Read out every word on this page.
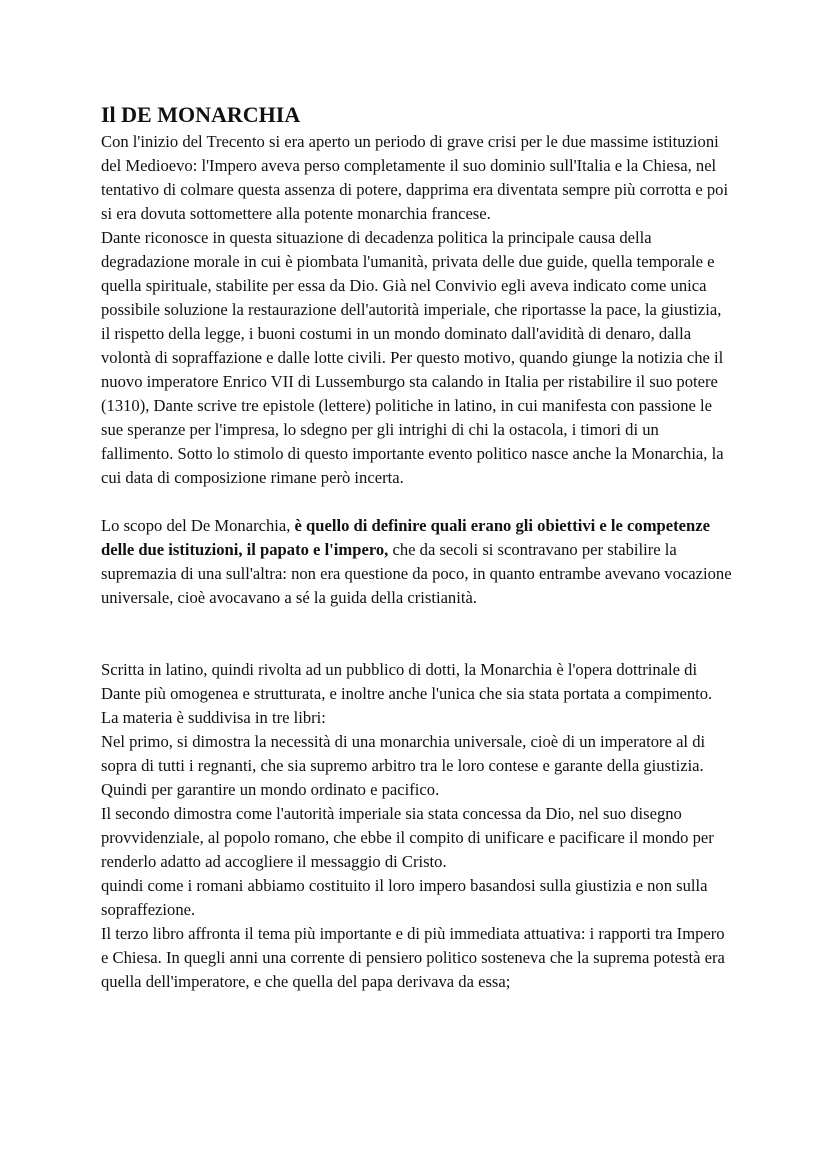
Il DE MONARCHIA

Con l'inizio del Trecento si era aperto un periodo di grave crisi per le due massime istituzioni del Medioevo: l'Impero aveva perso completamente il suo dominio sull'Italia e la Chiesa, nel tentativo di colmare questa assenza di potere, dapprima era diventata sempre più corrotta e poi si era dovuta sottomettere alla potente monarchia francese.

Dante riconosce in questa situazione di decadenza politica la principale causa della degradazione morale in cui è piombata l'umanità, privata delle due guide, quella temporale e quella spirituale, stabilite per essa da Dio. Già nel Convivio egli aveva indicato come unica possibile soluzione la restaurazione dell'autorità imperiale, che riportasse la pace, la giustizia, il rispetto della legge, i buoni costumi in un mondo dominato dall'avidità di denaro, dalla volontà di sopraffazione e dalle lotte civili. Per questo motivo, quando giunge la notizia che il nuovo imperatore Enrico VII di Lussemburgo sta calando in Italia per ristabilire il suo potere (1310), Dante scrive tre epistole (lettere) politiche in latino, in cui manifesta con passione le sue speranze per l'impresa, lo sdegno per gli intrighi di chi la ostacola, i timori di un fallimento. Sotto lo stimolo di questo importante evento politico nasce anche la Monarchia, la cui data di composizione rimane però incerta.

Lo scopo del De Monarchia, è quello di definire quali erano gli obiettivi e le competenze delle due istituzioni, il papato e l'impero, che da secoli si scontravano per stabilire la supremazia di una sull'altra: non era questione da poco, in quanto entrambe avevano vocazione universale, cioè avocavano a sé la guida della cristianità.

Scritta in latino, quindi rivolta ad un pubblico di dotti, la Monarchia è l'opera dottrinale di Dante più omogenea e strutturata, e inoltre anche l'unica che sia stata portata a compimento.

La materia è suddivisa in tre libri:

Nel primo, si dimostra la necessità di una monarchia universale, cioè di un imperatore al di sopra di tutti i regnanti, che sia supremo arbitro tra le loro contese e garante della giustizia. Quindi per garantire un mondo ordinato e pacifico.

Il secondo dimostra come l'autorità imperiale sia stata concessa da Dio, nel suo disegno provvidenziale, al popolo romano, che ebbe il compito di unificare e pacificare il mondo per renderlo adatto ad accogliere il messaggio di Cristo.

quindi come i romani abbiamo costituito il loro impero basandosi sulla giustizia e non sulla sopraffezione.

Il terzo libro affronta il tema più importante e di più immediata attuativa: i rapporti tra Impero e Chiesa. In quegli anni una corrente di pensiero politico sosteneva che la suprema potestà era quella dell'imperatore, e che quella del papa derivava da essa;
